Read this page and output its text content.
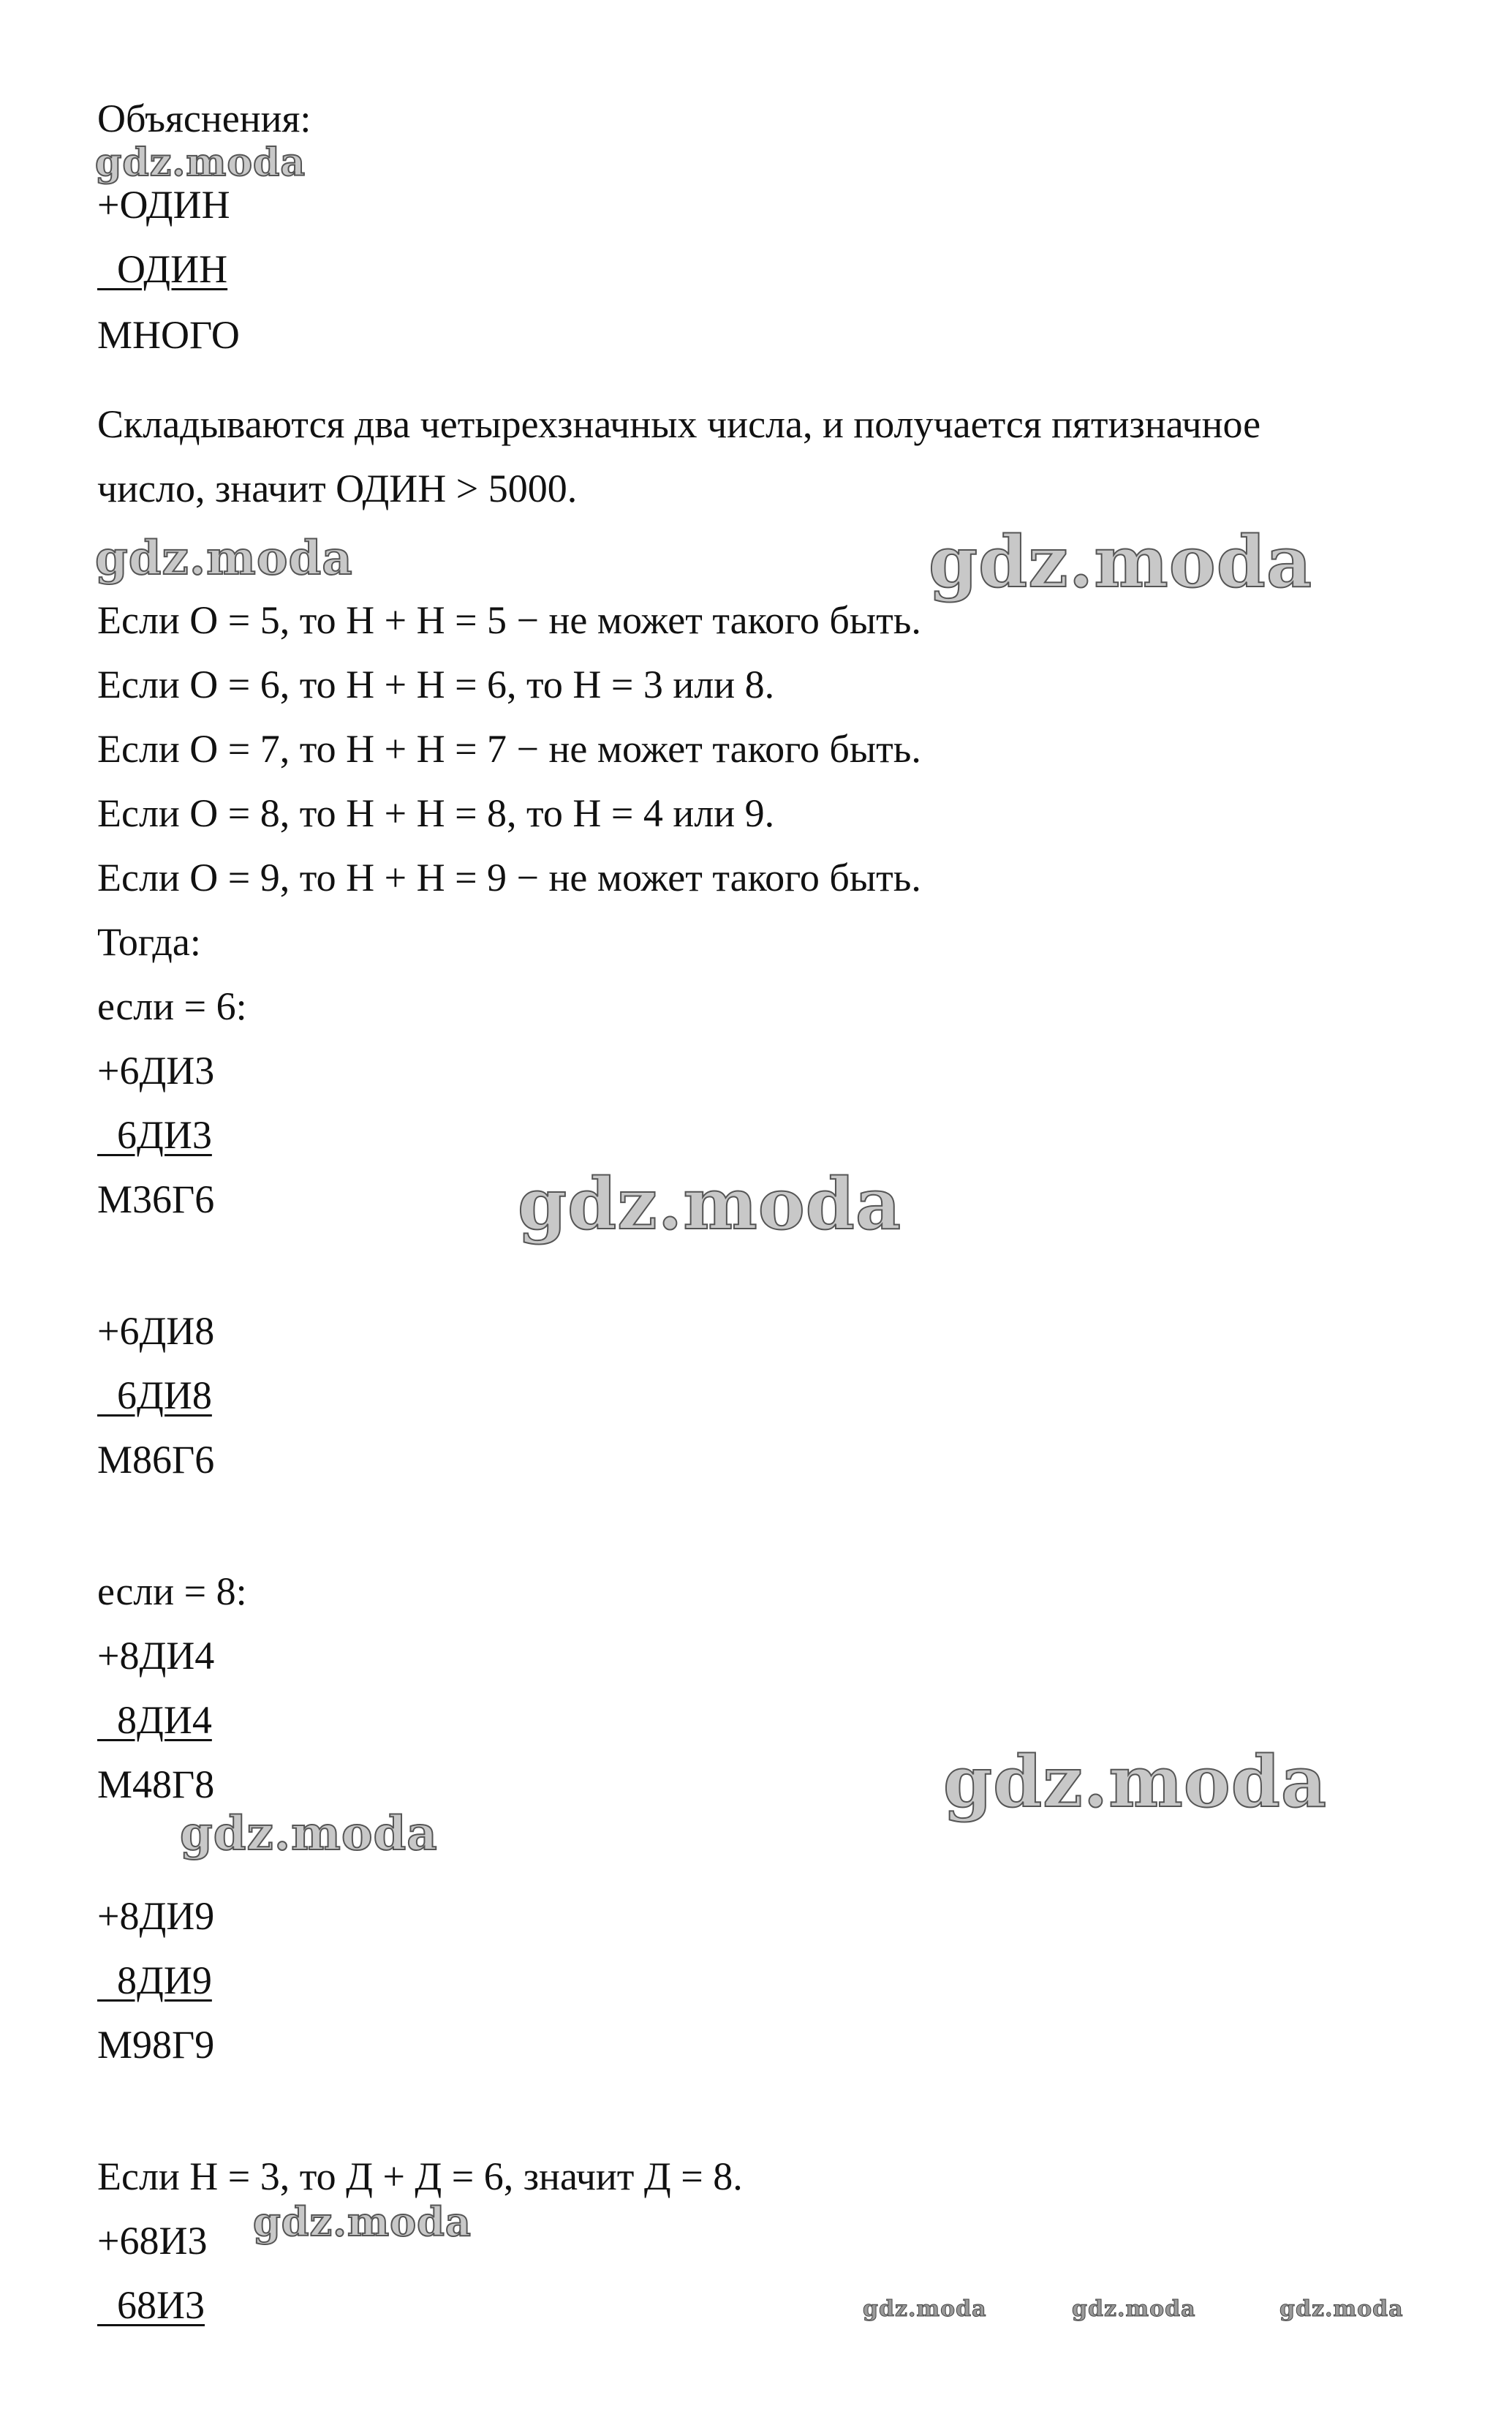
Объяснения:
+ОДИН
ОДИН
МНОГО
Складываются два четырехзначных числа, и получается пятизначное
число, значит ОДИН > 5000.
Если О = 5, то Н + Н = 5 − не может такого быть.
Если О = 6, то Н + Н = 6, то Н = 3 или 8.
Если О = 7, то Н + Н = 7 − не может такого быть.
Если О = 8, то Н + Н = 8, то Н = 4 или 9.
Если О = 9, то Н + Н = 9 − не может такого быть.
Тогда:
если = 6:
+6ДИ3
6ДИ3
М36Г6
+6ДИ8
6ДИ8
М86Г6
если = 8:
+8ДИ4
8ДИ4
М48Г8
+8ДИ9
8ДИ9
М98Г9
Если Н = 3, то Д + Д = 6, значит Д = 8.
+68И3
68И3
gdz.moda
gdz.moda	gdz.moda
gdz.moda
gdz.moda
gdz.moda
gdz.moda
gdz.moda	gdz.moda	gdz.moda
